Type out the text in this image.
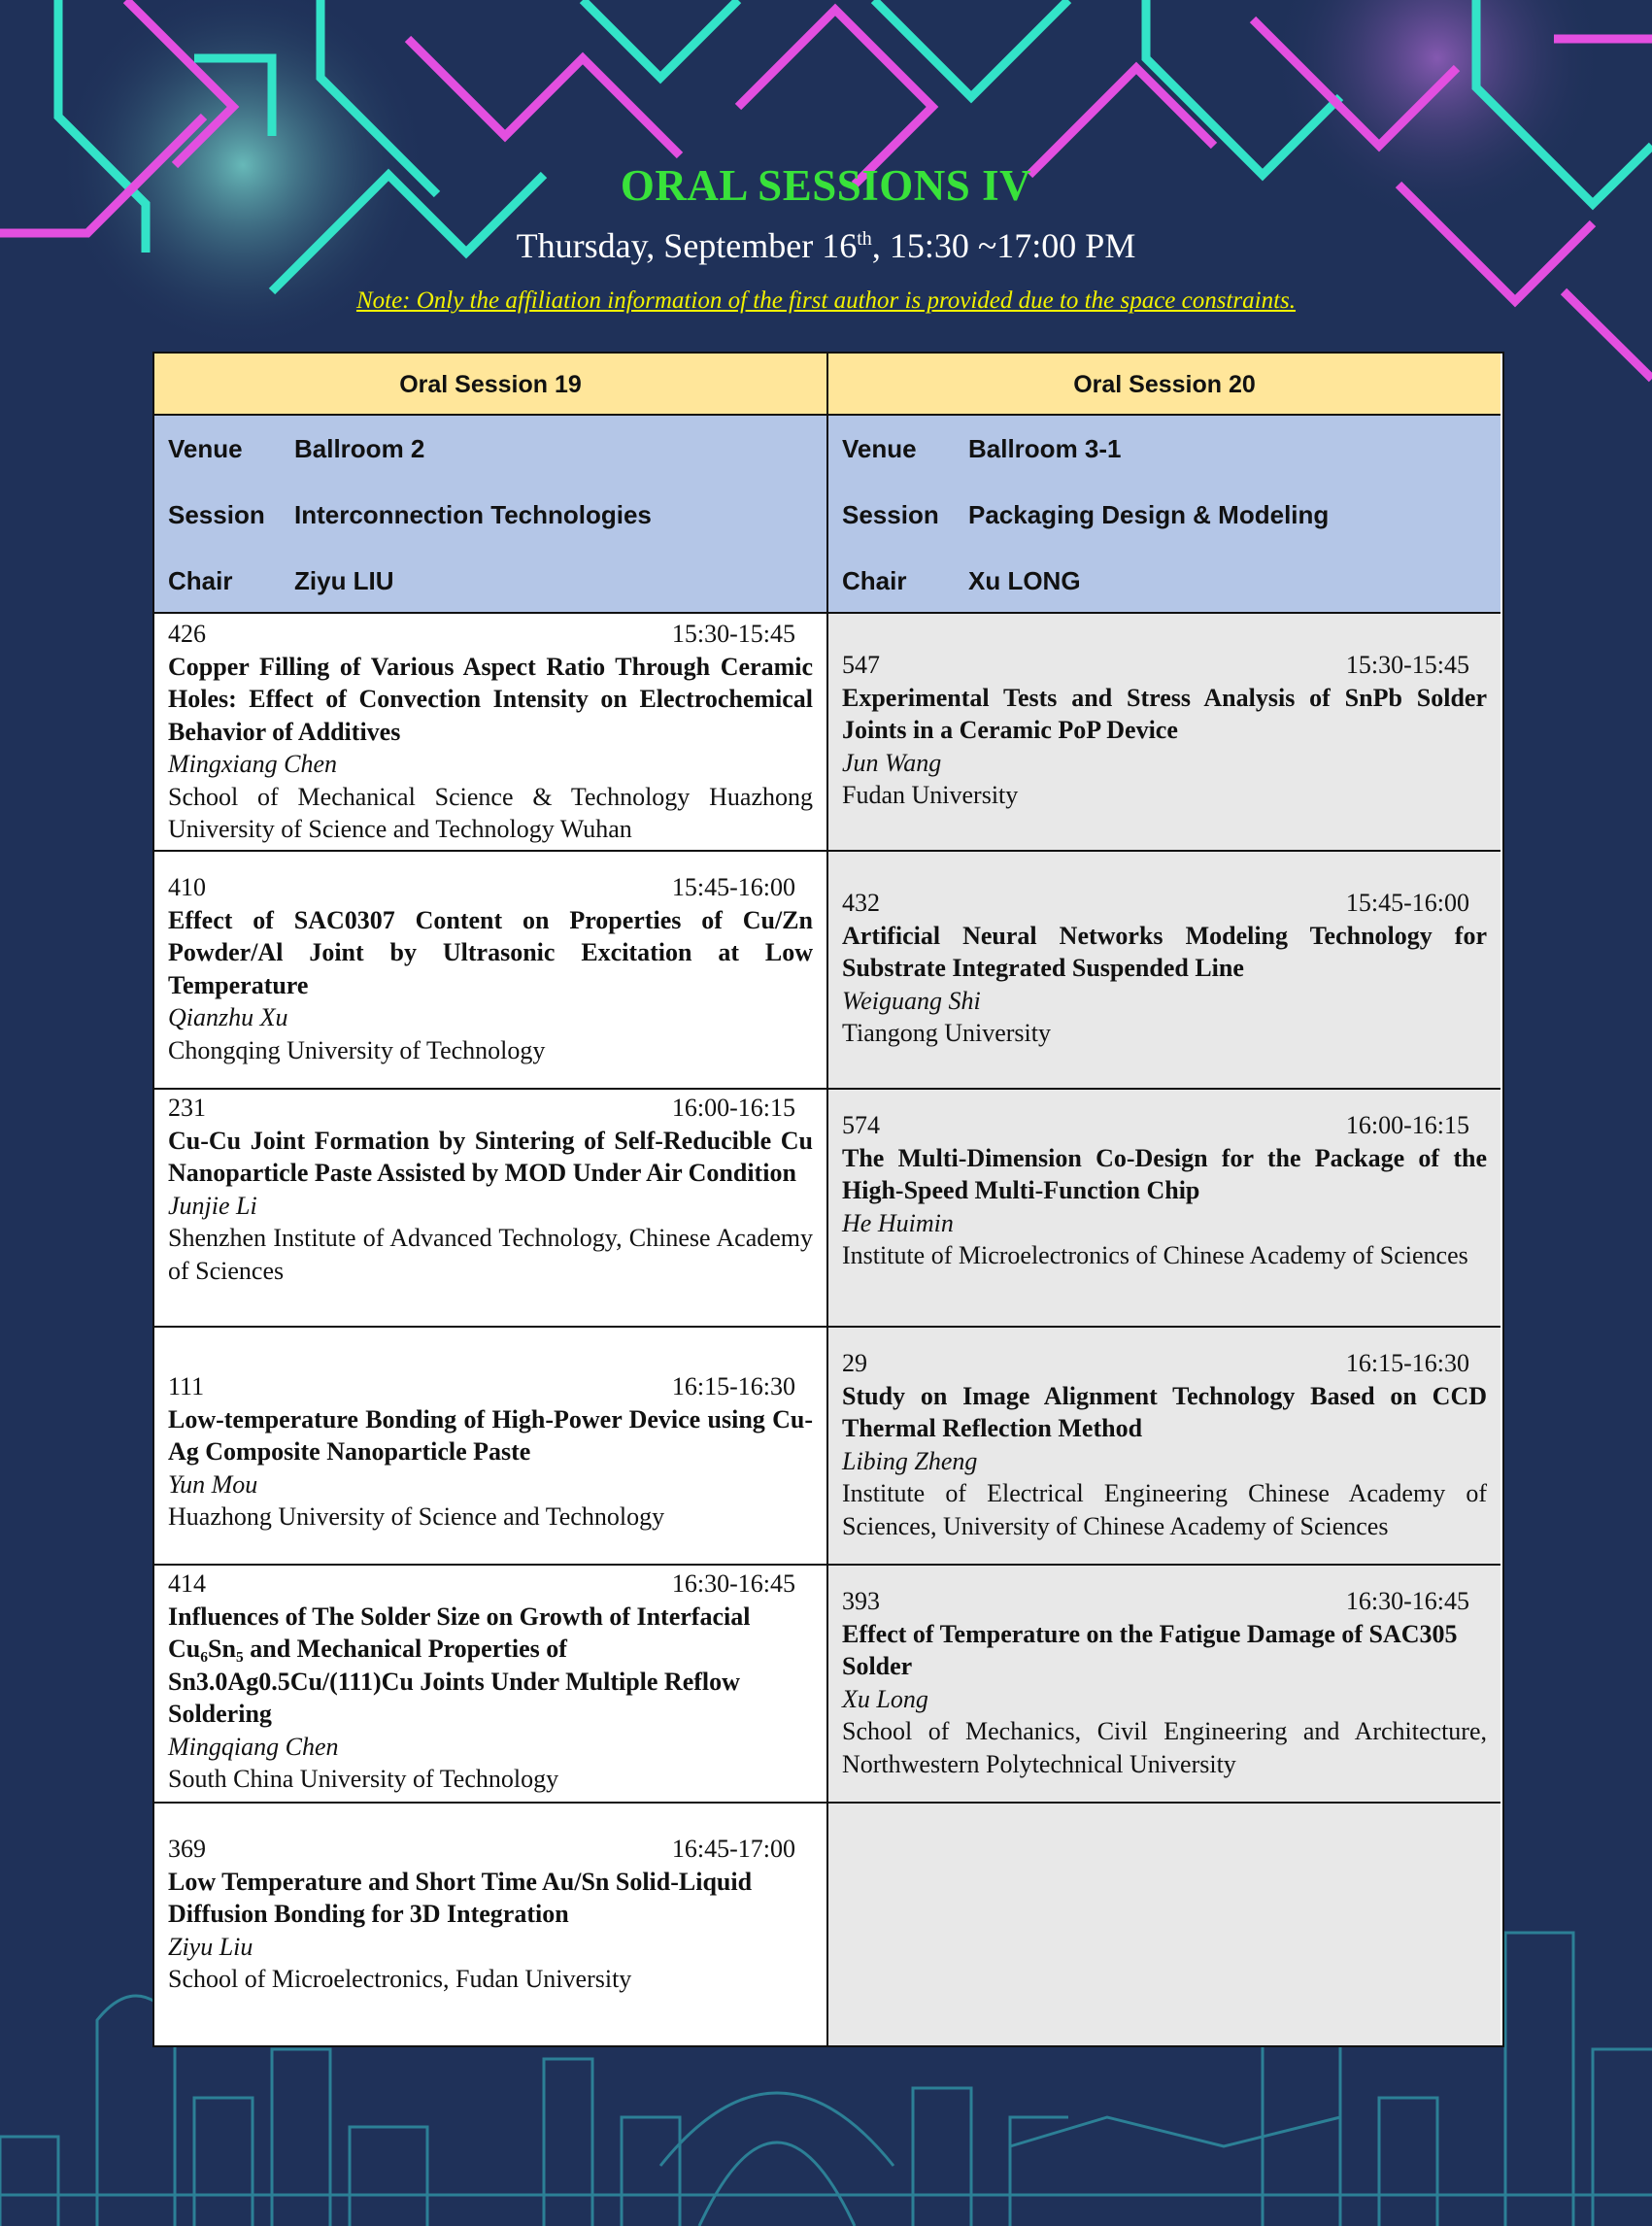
ORAL SESSIONS IV
Thursday, September 16th, 15:30 ~17:00 PM
Note: Only the affiliation information of the first author is provided due to the space constraints.
Oral Session 19
Venue Ballroom 2
Session Interconnection Technologies
Chair Ziyu LIU
426	15:30-15:45
Copper Filling of Various Aspect Ratio Through Ceramic Holes: Effect of Convection Intensity on Electrochemical Behavior of Additives
Mingxiang Chen
School of Mechanical Science & Technology Huazhong University of Science and Technology Wuhan
410	15:45-16:00
Effect of SAC0307 Content on Properties of Cu/Zn Powder/Al Joint by Ultrasonic Excitation at Low Temperature
Qianzhu Xu
Chongqing University of Technology
231	16:00-16:15
Cu-Cu Joint Formation by Sintering of Self-Reducible Cu Nanoparticle Paste Assisted by MOD Under Air Condition
Junjie Li
Shenzhen Institute of Advanced Technology, Chinese Academy of Sciences
111	16:15-16:30
Low-temperature Bonding of High-Power Device using Cu-Ag Composite Nanoparticle Paste
Yun Mou
Huazhong University of Science and Technology
414	16:30-16:45
Influences of The Solder Size on Growth of Interfacial Cu₆Sn₅ and Mechanical Properties of Sn3.0Ag0.5Cu/(111)Cu Joints Under Multiple Reflow Soldering
Mingqiang Chen
South China University of Technology
369	16:45-17:00
Low Temperature and Short Time Au/Sn Solid-Liquid Diffusion Bonding for 3D Integration
Ziyu Liu
School of Microelectronics, Fudan University
Oral Session 20
Venue Ballroom 3-1
Session Packaging Design & Modeling
Chair Xu LONG
547	15:30-15:45
Experimental Tests and Stress Analysis of SnPb Solder Joints in a Ceramic PoP Device
Jun Wang
Fudan University
432	15:45-16:00
Artificial Neural Networks Modeling Technology for Substrate Integrated Suspended Line
Weiguang Shi
Tiangong University
574	16:00-16:15
The Multi-Dimension Co-Design for the Package of the High-Speed Multi-Function Chip
He Huimin
Institute of Microelectronics of Chinese Academy of Sciences
29	16:15-16:30
Study on Image Alignment Technology Based on CCD Thermal Reflection Method
Libing Zheng
Institute of Electrical Engineering Chinese Academy of Sciences, University of Chinese Academy of Sciences
393	16:30-16:45
Effect of Temperature on the Fatigue Damage of SAC305 Solder
Xu Long
School of Mechanics, Civil Engineering and Architecture, Northwestern Polytechnical University
